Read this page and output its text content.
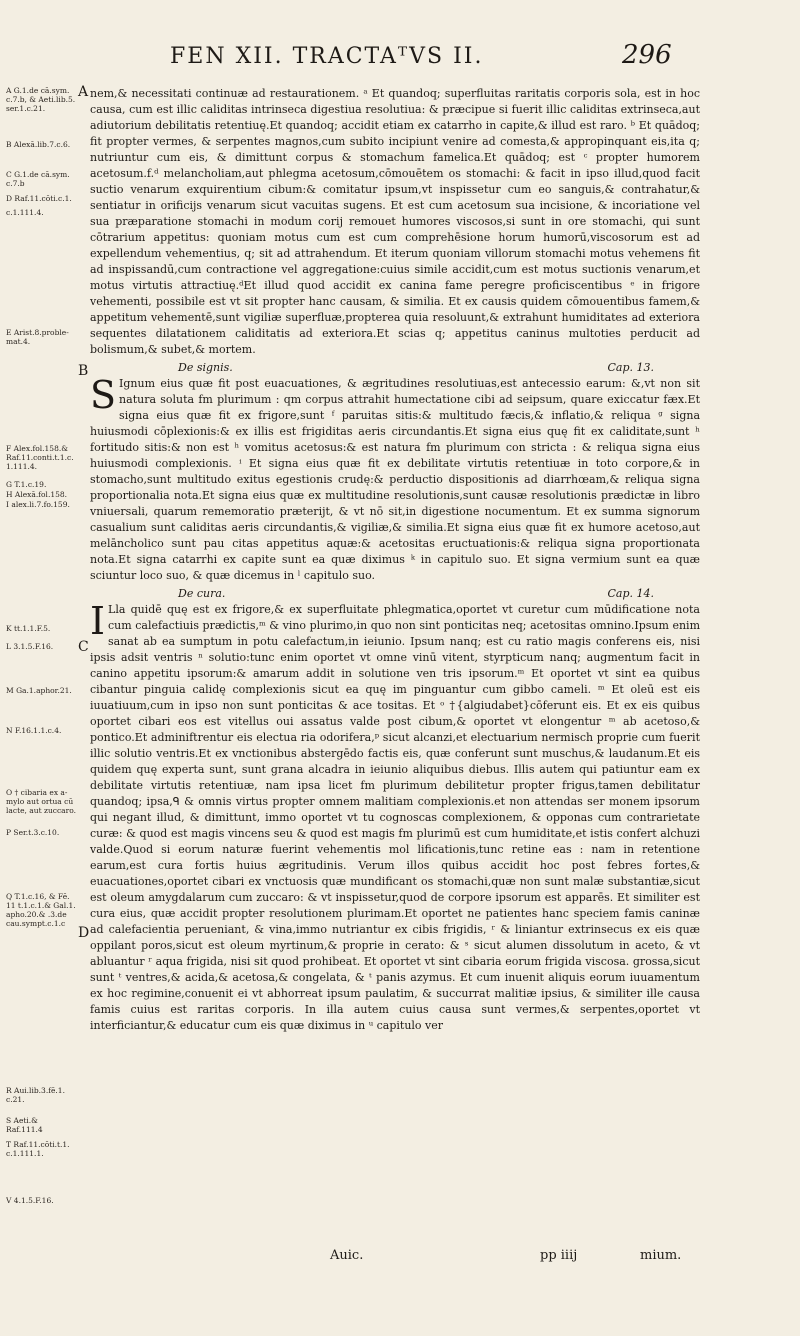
FEN XII. TRACTAᵀVS II.	296
A G.1.de cā.sym. c.7.b, & Aeti.lib.5. ser.1.c.21.
B Alexā.lib.7.c.6.
C G.1.de cā.sym. c.7.b
D Raf.11.cōti.c.1.
c.1.111.4.
E Arist.8.proble- mat.4.
F Alex.fol.158.& Raf.11.conti.t.1.c. 1.111.4.
G T.1.c.19.
H Alexā.fol.158.
I alex.li.7.fo.159.
K tt.1.1.F.5.
L 3.1.5.F.16.
M Ga.1.aphor.21.
N F.16.1.1.c.4.
O † cibaria ex a- mylo aut ortua cū lacte, aut zuccaro.
P Ser.t.3.c.10.
Q T.1.c.16, & Fē. 11 t.1.c.1.& Gal.1. apho.20.& .3.de cau.sympt.c.1.c
R Aui.lib.3.fē.1. c.21.
S Aeti.& Raf.111.4
T Raf.11.cōti.t.1. c.1.111.1.
V 4.1.5.F.16.
A
B
C
D

nem,& necessitati continuæ ad restaurationem. ᵃ Et quandoq; superfluitas raritatis corporis sola, est in hoc causa, cum est illic caliditas intrinseca digestiua resolutiua: & præcipue si fuerit illic caliditas extrinseca,aut adiutorium debilitatis retentiuę.Et quandoq; accidit etiam ex catarrho in capite,& illud est raro. ᵇ Et quādoq; fit propter vermes, & serpentes magnos,cum subito incipiunt venire ad comesta,& appropinquant eis,ita q; nutriuntur cum eis, & dimittunt corpus & stomachum famelica.Et quādoq; est ᶜ propter humorem acetosum.f.ᵈ melancholiam,aut phlegma acetosum,cōmouētem os stomachi: & facit in ipso illud,quod facit suctio venarum exquirentium cibum:& comitatur ipsum,vt inspissetur cum eo sanguis,& contrahatur,& sentiatur in orificijs venarum sicut vacuitas sugens. Et est cum acetosum sua incisione, & incoriatione vel sua præparatione stomachi in modum corij remouet humores viscosos,si sunt in ore stomachi, qui sunt cōtrarium appetitus: quoniam motus cum est cum comprehēsione horum humorū,viscosorum est ad expellendum vehementius, q; sit ad attrahendum. Et iterum quoniam villorum stomachi motus vehemens fit ad inspissandū,cum contractione vel aggregatione:cuius simile accidit,cum est motus suctionis venarum,et motus virtutis attractiuę.ᵈEt illud quod accidit ex canina fame peregre proficiscentibus ᵉ in frigore vehementi, possibile est vt sit propter hanc causam, & similia. Et ex causis quidem cōmouentibus famem,& appetitum vehementē,sunt vigiliæ superfluæ,propterea quia resoluunt,& extrahunt humiditates ad exteriora sequentes dilatationem caliditatis ad exteriora.Et scias q; appetitus caninus multoties perducit ad bolismum,& subet,& mortem.

De signis.	Cap. 13.

S Ignum eius quæ fit post euacuationes, & ægritudines resolutiuas,est antecessio earum: &,vt non sit natura soluta fm plurimum : qm corpus attrahit humectatione cibi ad seipsum, quare exiccatur fæx.Et signa eius quæ fit ex frigore,sunt ᶠ paruitas sitis:& multitudo fæcis,& inflatio,& reliqua ᵍ signa huiusmodi cōplexionis:& ex illis est frigiditas aeris circundantis.Et signa eius quę fit ex caliditate,sunt ʰ fortitudo sitis:& non est ʰ vomitus acetosus:& est natura fm plurimum con stricta : & reliqua signa eius huiusmodi complexionis. ⁱ Et signa eius quæ fit ex debilitate virtutis retentiuæ in toto corpore,& in stomacho,sunt multitudo exitus egestionis crudę:& perductio dispositionis ad diarrhœam,& reliqua signa proportionalia nota.Et signa eius quæ ex multitudine resolutionis,sunt causæ resolutionis prædictæ in libro vniuersali, quarum rememoratio præterijt, & vt nō sit,in digestione nocumentum. Et ex summa signorum casualium sunt caliditas aeris circundantis,& vigiliæ,& similia.Et signa eius quæ fit ex humore acetoso,aut melāncholico sunt pau citas appetitus aquæ:& acetositas eructuationis:& reliqua signa proportionata nota.Et signa catarrhi ex capite sunt ea quæ diximus ᵏ in capitulo suo. Et signa vermium sunt ea quæ sciuntur loco suo, & quæ dicemus in ˡ capitulo suo.

De cura.	Cap. 14.

I Lla quidē quę est ex frigore,& ex superfluitate phlegmatica,oportet vt curetur cum mūdificatione nota cum calefactiuis prædictis,ᵐ & vino plurimo,in quo non sint ponticitas neq; acetositas omnino.Ipsum enim sanat ab ea sumptum in potu calefactum,in ieiunio. Ipsum nanq; est cu ratio magis conferens eis, nisi ipsis adsit ventris ⁿ solutio:tunc enim oportet vt omne vinū vitent, styrpticum nanq; augmentum facit in canino appetitu ipsorum:& amarum addit in solutione ven tris ipsorum.ᵐ Et oportet vt sint ea quibus cibantur pinguia calidę complexionis sicut ea quę im pinguantur cum gibbo cameli. ᵐ Et oleū est eis iuuatiuum,cum in ipso non sunt ponticitas & ace tositas. Et ᵒ †{algiudabet}cōferunt eis. Et ex eis quibus oportet cibari eos est vitellus oui assatus valde post cibum,& oportet vt elongentur ᵐ ab acetoso,& pontico.Et adminiftrentur eis electua ria odorifera,ᵖ sicut alcanzi,et electuarium nermisch proprie cum fuerit illic solutio ventris.Et ex vnctionibus abstergēdo factis eis, quæ conferunt sunt muschus,& laudanum.Et eis quidem quę experta sunt, sunt grana alcadra in ieiunio aliquibus diebus. Illis autem qui patiuntur eam ex debilitate virtutis retentiuæ, nam ipsa licet fm plurimum debilitetur propter frigus,tamen debilitatur quandoq; ipsa,ᑫ & omnis virtus propter omnem malitiam complexionis.et non attendas ser monem ipsorum qui negant illud, & dimittunt, immo oportet vt tu cognoscas complexionem, & opponas cum contrarietate curæ: & quod est magis vincens seu & quod est magis fm plurimū est cum humiditate,et istis confert alchuzi valde.Quod si eorum naturæ fuerint vehementis mol lificationis,tunc retine eas : nam in retentione earum,est cura fortis huius ægritudinis. Verum illos quibus accidit hoc post febres fortes,& euacuationes,oportet cibari ex vnctuosis quæ mundificant os stomachi,quæ non sunt malæ substantiæ,sicut est oleum amygdalarum cum zuccaro: & vt inspissetur,quod de corpore ipsorum est apparēs. Et similiter est cura eius, quæ accidit propter resolutionem plurimam.Et oportet ne patientes hanc speciem famis caninæ ad calefacientia perueniant, & vina,immo nutriantur ex cibis frigidis, ʳ & liniantur extrinsecus ex eis quæ oppilant poros,sicut est oleum myrtinum,& proprie in cerato: & ˢ sicut alumen dissolutum in aceto, & vt abluantur ʳ aqua frigida, nisi sit quod prohibeat. Et oportet vt sint cibaria eorum frigida viscosa. grossa,sicut sunt ᵗ ventres,& acida,& acetosa,& congelata, & ᵗ panis azymus. Et cum inuenit aliquis eorum iuuamentum ex hoc regimine,conuenit ei vt abhorreat ipsum paulatim, & succurrat malitiæ ipsius, & similiter ille causa famis cuius est raritas corporis. In illa autem cuius causa sunt vermes,& serpentes,oportet vt interficiantur,& educatur cum eis quæ diximus in ᵘ capitulo ver

Auic.	pp iiij	mium.
